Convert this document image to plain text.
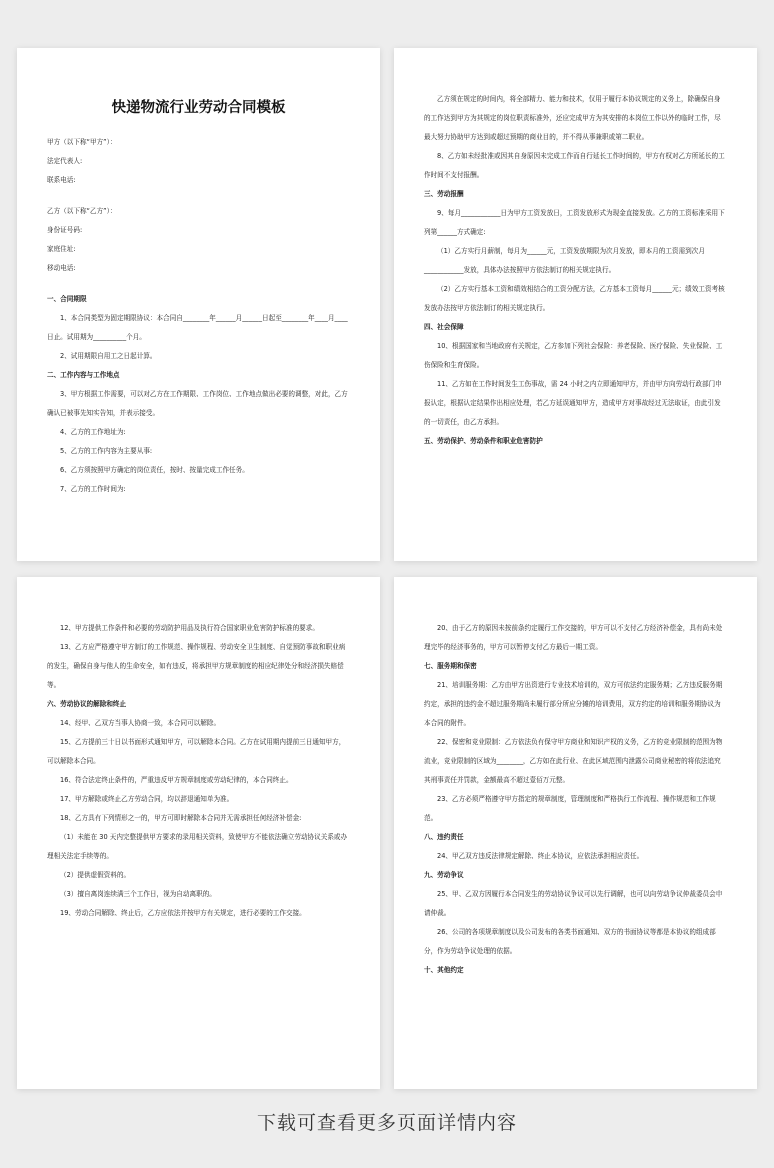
快递物流行业劳动合同模板

甲方（以下称“甲方”）：

法定代表人:

联系电话:

乙方（以下称“乙方”）：

身份证号码:

家庭住址:

移动电话:

一、合同期限

1、本合同类型为固定期限协议：本合同自________年______月______日起至________年____月____日止。试用期为__________个月。

2、试用期限自用工之日起计算。

二、工作内容与工作地点

3、甲方根据工作需要，可以对乙方在工作期限、工作岗位、工作地点做出必要的调整，对此，乙方确认已被事先知实告知，并表示接受。

4、乙方的工作地址为:

5、乙方的工作内容为主要从事:

6、乙方须按照甲方确定的岗位责任，按时、按量完成工作任务。

7、乙方的工作时间为:

乙方须在规定的时间内，将全部精力、能力和技术，仅用于履行本协议规定的义务上，除确保自身的工作达到甲方为其规定的岗位职责标准外，还应完成甲方为其安排的本岗位工作以外的临时工作，尽最大努力协助甲方达到或超过预期的商业目的，并不得从事兼职或第二职业。

8、乙方如未经批准或因其自身原因未完成工作而自行延长工作时间的，甲方有权对乙方所延长的工作时间不支付报酬。

三、劳动报酬

9、每月____________日为甲方工资发放日，工资发放形式为现金直接发放。乙方的工资标准采用下列第______方式确定:

（1）乙方实行月薪制，每月为______元，工资发放期限为次月发放，即本月的工资需到次月____________发放，具体办法按照甲方依法制订的相关规定执行。

（2）乙方实行基本工资和绩效相结合的工资分配方法，乙方基本工资每月______元；绩效工资考核发放办法按甲方依法制订的相关规定执行。

四、社会保障

10、根据国家和当地政府有关规定，乙方参加下列社会保险：养老保险、医疗保险、失业保险、工伤保险和生育保险。

11、乙方如在工作时间发生工伤事故，需 24 小时之内立即通知甲方，并由甲方向劳动行政部门申报认定，根据认定结果作出相应处理，若乙方延误通知甲方，造成甲方对事故经过无法取证，由此引发的一切责任，由乙方承担。

五、劳动保护、劳动条件和职业危害防护

12、甲方提供工作条件和必要的劳动防护用品及执行符合国家职业危害防护标准的要求。

13、乙方应严格遵守甲方制订的工作规范、操作规程、劳动安全卫生制度、自觉预防事故和职业病的发生，确保自身与他人的生命安全，如有违反，将承担甲方规章制度的相应纪律处分和经济损失赔偿等。

六、劳动协议的解除和终止

14、经甲、乙双方当事人协商一致，本合同可以解除。

15、乙方提前三十日以书面形式通知甲方，可以解除本合同。乙方在试用期内提前三日通知甲方，可以解除本合同。

16、符合法定终止条件的，严重违反甲方规章制度或劳动纪律的，本合同终止。

17、甲方解除或终止乙方劳动合同，均以辞退通知单为准。

18、乙方具有下列情形之一的，甲方可即时解除本合同并无需承担任何经济补偿金:

（1）未能在 30 天内完整提供甲方要求的录用相关资料，致使甲方不能依法确立劳动协议关系或办理相关法定手续等的。

（2）提供虚假资料的。

（3）擅自离岗连续满三个工作日，视为自动离职的。

19、劳动合同解除、终止后，乙方应依法并按甲方有关规定，进行必要的工作交接。

20、由于乙方的原因未按前条约定履行工作交接的，甲方可以不支付乙方经济补偿金，具有尚未处理完毕的经济事务的，甲方可以暂停支付乙方最后一期工资。

七、服务期和保密

21、培训服务期：乙方由甲方出资进行专业技术培训的，双方可依法约定服务期；乙方违反服务期约定，承担的违约金不超过服务期尚未履行部分所应分摊的培训费用，双方约定的培训和服务期协议为本合同的附件。

22、保密和竞业限制：乙方依法负有保守甲方商业和知识产权的义务，乙方的竞业限制的范围为物流业，竞业限制的区域为________，乙方如在此行业、在此区域范围内泄露公司商业秘密的将依法追究其刑事责任并罚款，金额最高不超过壹佰万元整。

23、乙方必须严格遵守甲方指定的规章制度，管理制度和严格执行工作流程、操作规范和工作规范。

八、违约责任

24、甲乙双方违反法律规定解除、终止本协议，应依法承担相应责任。

九、劳动争议

25、甲、乙双方因履行本合同发生的劳动协议争议可以先行调解，也可以向劳动争议仲裁委员会申请仲裁。

26、公司的各项规章制度以及公司发布的各类书面通知、双方的书面协议等都是本协议的组成部分，作为劳动争议处理的依据。

十、其他约定

下载可查看更多页面详情内容
